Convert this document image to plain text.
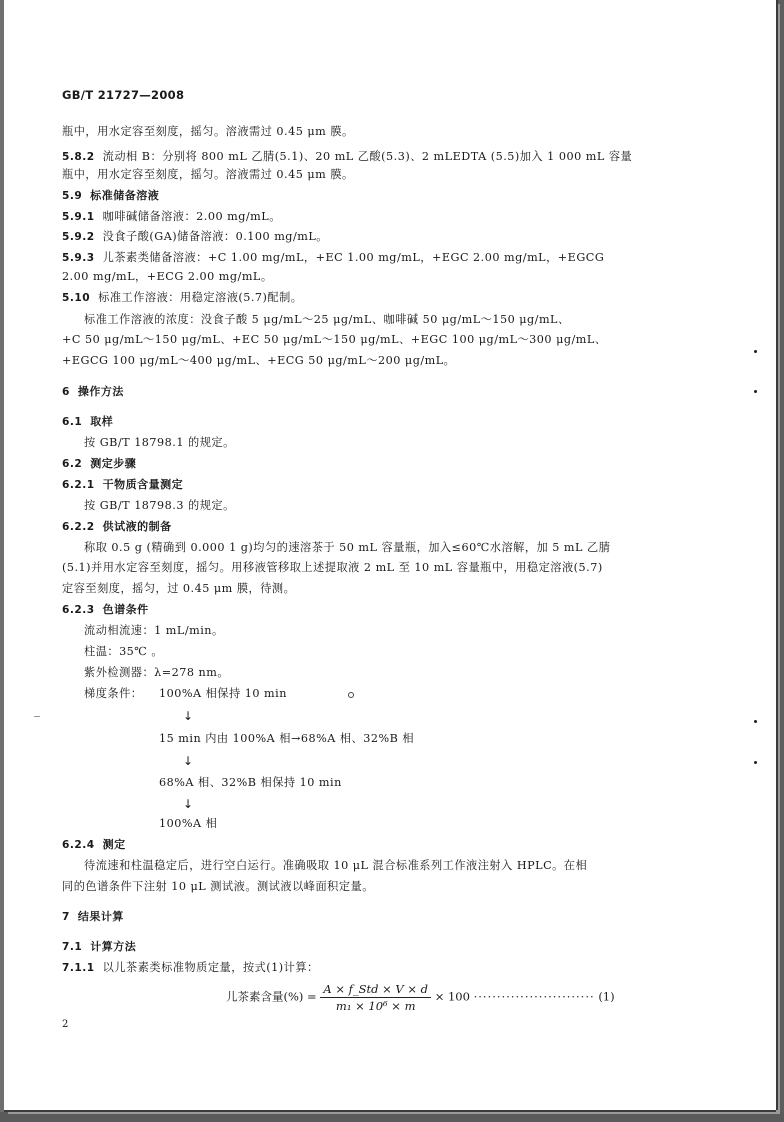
GB/T 21727—2008
瓶中，用水定容至刻度，摇匀。溶液需过 0.45 μm 膜。
5.8.2 流动相 B：分别将 800 mL 乙腈(5.1)、20 mL 乙酸(5.3)、2 mLEDTA (5.5)加入 1 000 mL 容量
瓶中，用水定容至刻度，摇匀。溶液需过 0.45 μm 膜。
5.9 标准储备溶液
5.9.1 咖啡碱储备溶液：2.00 mg/mL。
5.9.2 没食子酸(GA)储备溶液：0.100 mg/mL。
5.9.3 儿茶素类储备溶液：+C 1.00 mg/mL，+EC 1.00 mg/mL，+EGC 2.00 mg/mL，+EGCG
2.00 mg/mL，+ECG 2.00 mg/mL。
5.10 标准工作溶液：用稳定溶液(5.7)配制。
标准工作溶液的浓度：没食子酸 5 μg/mL～25 μg/mL、咖啡碱 50 μg/mL～150 μg/mL、
+C 50 μg/mL～150 μg/mL、+EC 50 μg/mL～150 μg/mL、+EGC 100 μg/mL～300 μg/mL、
+EGCG 100 μg/mL～400 μg/mL、+ECG 50 μg/mL～200 μg/mL。
6 操作方法
6.1 取样
按 GB/T 18798.1 的规定。
6.2 测定步骤
6.2.1 干物质含量测定
按 GB/T 18798.3 的规定。
6.2.2 供试液的制备
称取 0.5 g (精确到 0.000 1 g)均匀的速溶茶于 50 mL 容量瓶，加入≤60℃水溶解，加 5 mL 乙腈
(5.1)并用水定容至刻度，摇匀。用移液管移取上述提取液 2 mL 至 10 mL 容量瓶中，用稳定溶液(5.7)
定容至刻度，摇匀，过 0.45 μm 膜，待测。
6.2.3 色谱条件
流动相流速：1 mL/min。
柱温：35℃ 。
紫外检测器：λ=278 nm。
梯度条件： 100%A 相保持 10 min
↓
15 min 内由 100%A 相→68%A 相、32%B 相
↓
68%A 相、32%B 相保持 10 min
↓
100%A 相
6.2.4 测定
待流速和柱温稳定后，进行空白运行。准确吸取 10 μL 混合标准系列工作液注射入 HPLC。在相
同的色谱条件下注射 10 μL 测试液。测试液以峰面积定量。
7 结果计算
7.1 计算方法
7.1.1 以儿茶素类标准物质定量，按式(1)计算：
儿茶素含量(%) = $\frac{\text{A × f\_Std × V × d}}{\text{m₁ × 10⁶ × m}} \times 100$ ·························· (1)
2
